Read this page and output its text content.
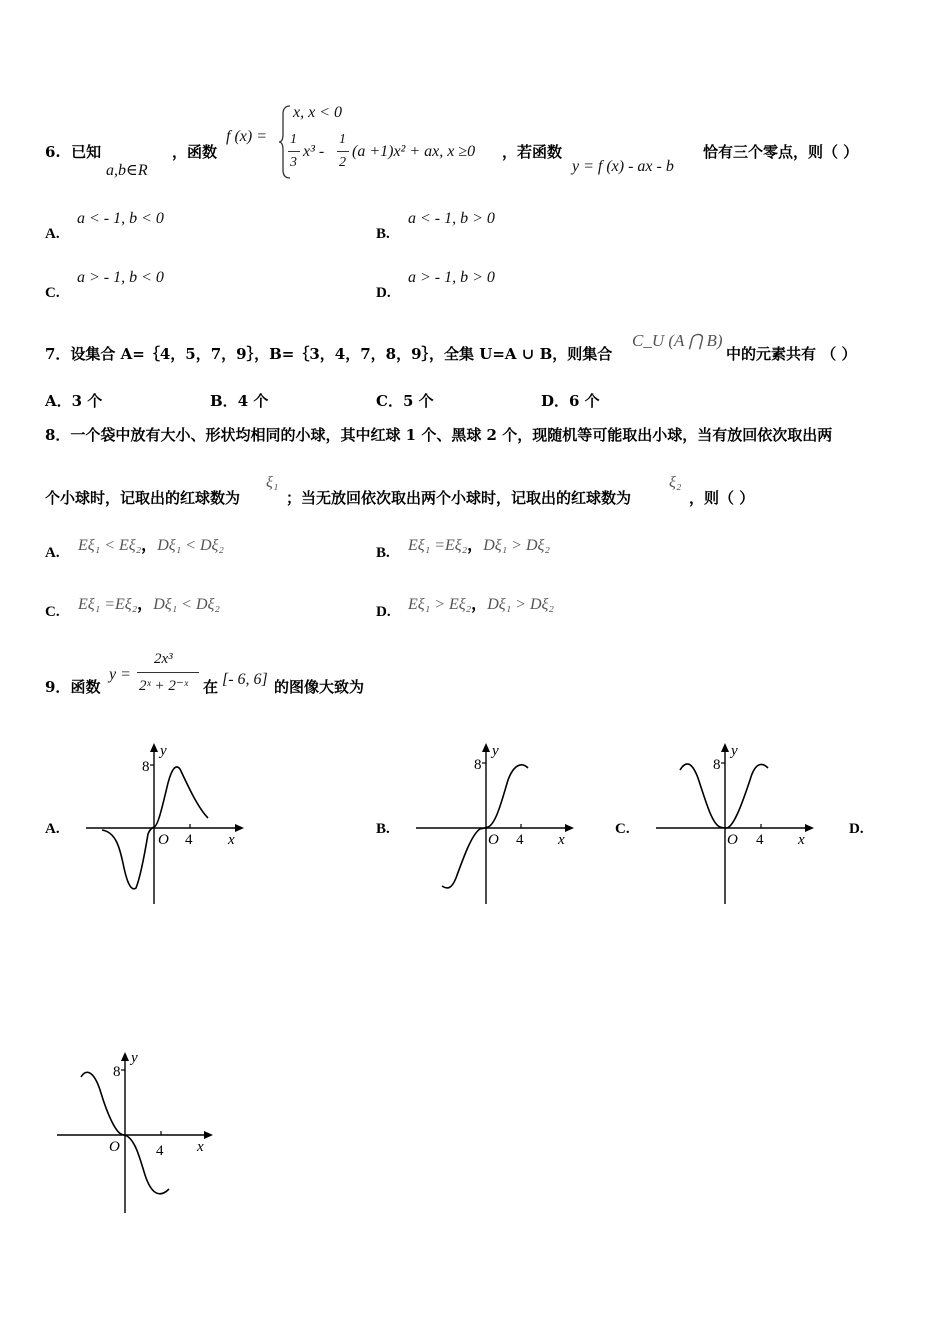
6. 已知
a,b∈R
，函数
f (x) =
x, x < 0
1
3
x³ -
1
2
(a +1)x² + ax, x ≥0 ，若函数
y = f (x) - ax - b
恰有三个零点，则（ ）
A.
a < - 1, b < 0
B.
a < - 1, b > 0
C.
a > - 1, b < 0
D.
a > - 1, b > 0
7．设集合 A=｛4，5，7，9｝，B=｛3，4，7，8，9｝，全集 U=A ∪ B，则集合
C_U (A ⋂ B)
中的元素共有 （ ）
A．3 个	B．4 个	C．5 个	D．6 个
8．一个袋中放有大小、形状均相同的小球，其中红球 1 个、黑球 2 个，现随机等可能取出小球，当有放回依次取出两
个小球时，记取出的红球数为
ξ₁
；当无放回依次取出两个小球时，记取出的红球数为
ξ₂
，则（ ）
A. Eξ₁ < Eξ₂，Dξ₁ < Dξ₂	B. Eξ₁ =Eξ₂，Dξ₁ > Dξ₂
C. Eξ₁ =Eξ₂，Dξ₁ < Dξ₂	D. Eξ₁ > Eξ₂，Dξ₁ > Dξ₂
9．函数
y =
2x³
2ˣ + 2⁻ˣ 在 [- 6, 6] 的图像大致为
A.	B.	C.	D.
8
y
O 4 x
8
y
O 4 x
8
y
O 4 x
8
y
O 4 x
